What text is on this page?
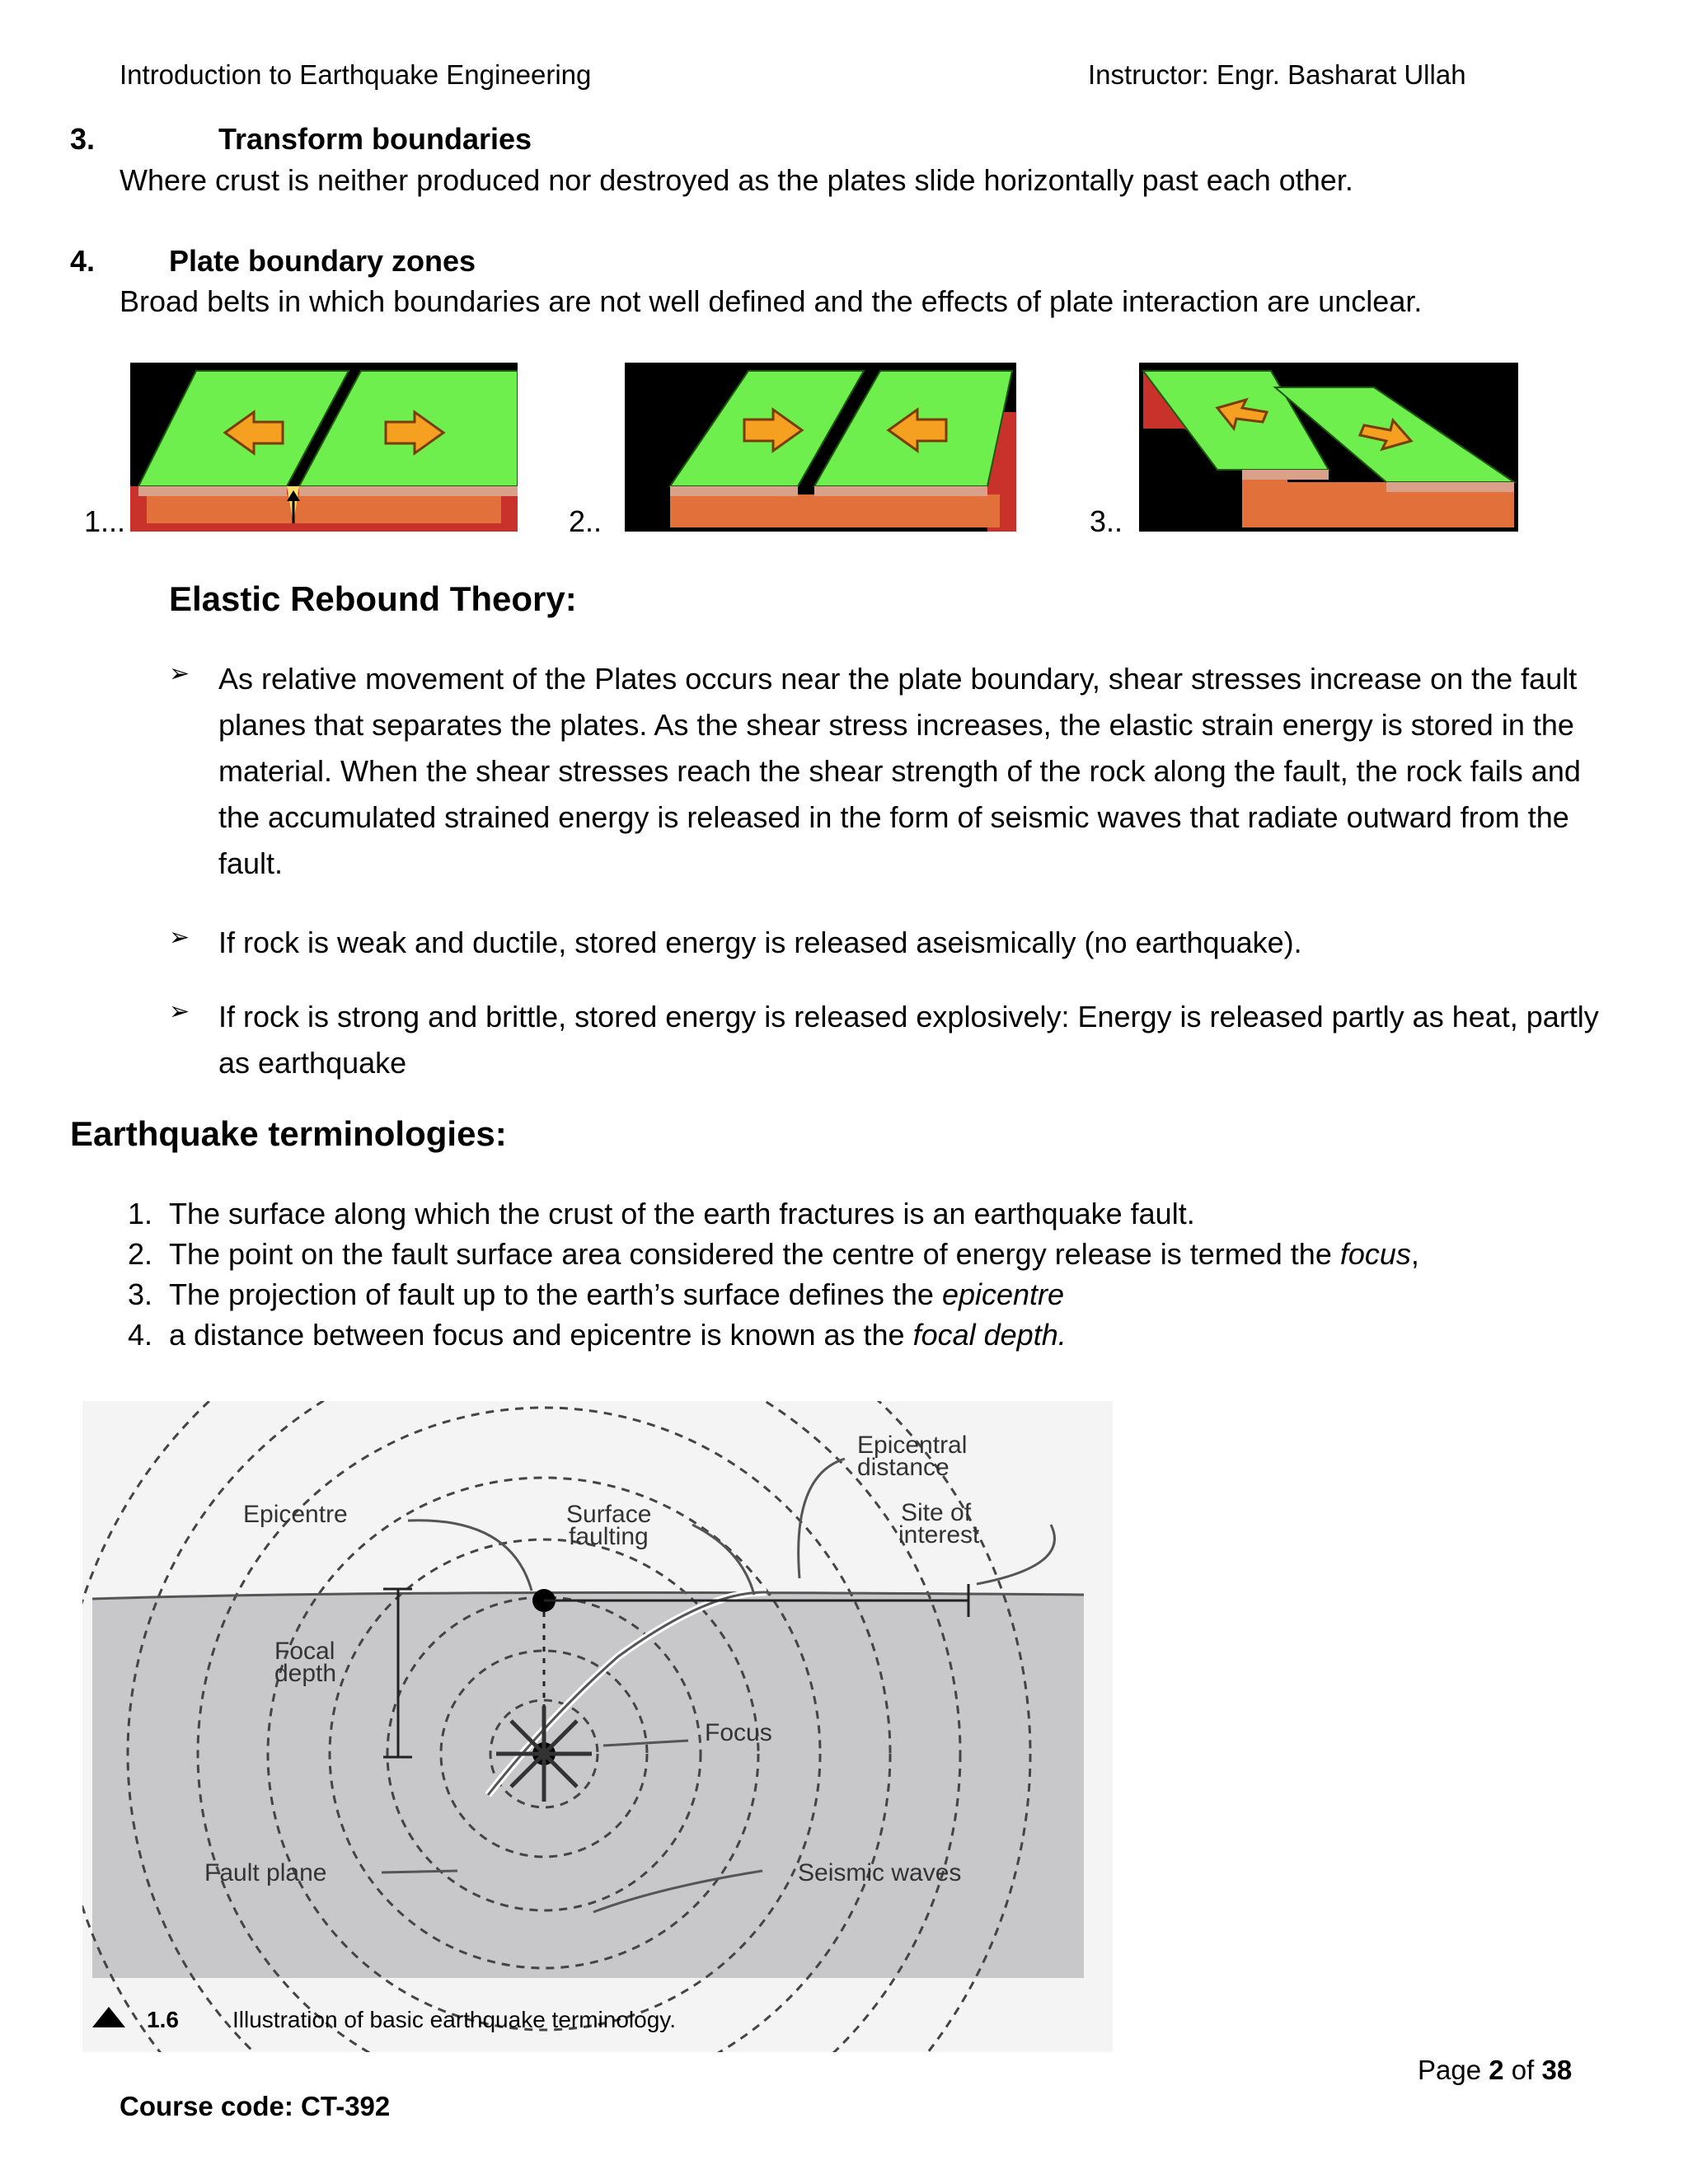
Introduction to Earthquake Engineering	Instructor: Engr. Basharat Ullah
3.	Transform boundaries
Where crust is neither produced nor destroyed as the plates slide horizontally past each other.
4. Plate boundary zones
Broad belts in which boundaries are not well defined and the effects of plate interaction are unclear.
1...	2..	3..
Elastic Rebound Theory:
➢ As relative movement of the Plates occurs near the plate boundary, shear stresses increase on the fault
planes that separates the plates. As the shear stress increases, the elastic strain energy is stored in the
material. When the shear stresses reach the shear strength of the rock along the fault, the rock fails and
the accumulated strained energy is released in the form of seismic waves that radiate outward from the
fault.
➢ If rock is weak and ductile, stored energy is released aseismically (no earthquake).
➢ If rock is strong and brittle, stored energy is released explosively: Energy is released partly as heat, partly
as earthquake
Earthquake terminologies:
1. The surface along which the crust of the earth fractures is an earthquake fault.
2. The point on the fault surface area considered the centre of energy release is termed the focus,
3. The projection of fault up to the earth’s surface defines the epicentre
4. a distance between focus and epicentre is known as the focal depth.
Epicentral
distance
Epicentre	Surface
faulting
Site of
interest
Focal
depth
Focus
Fault plane	Seismic waves
1.6 Illustration of basic earthquake terminology.
Page 2 of 38
Course code: CT-392
